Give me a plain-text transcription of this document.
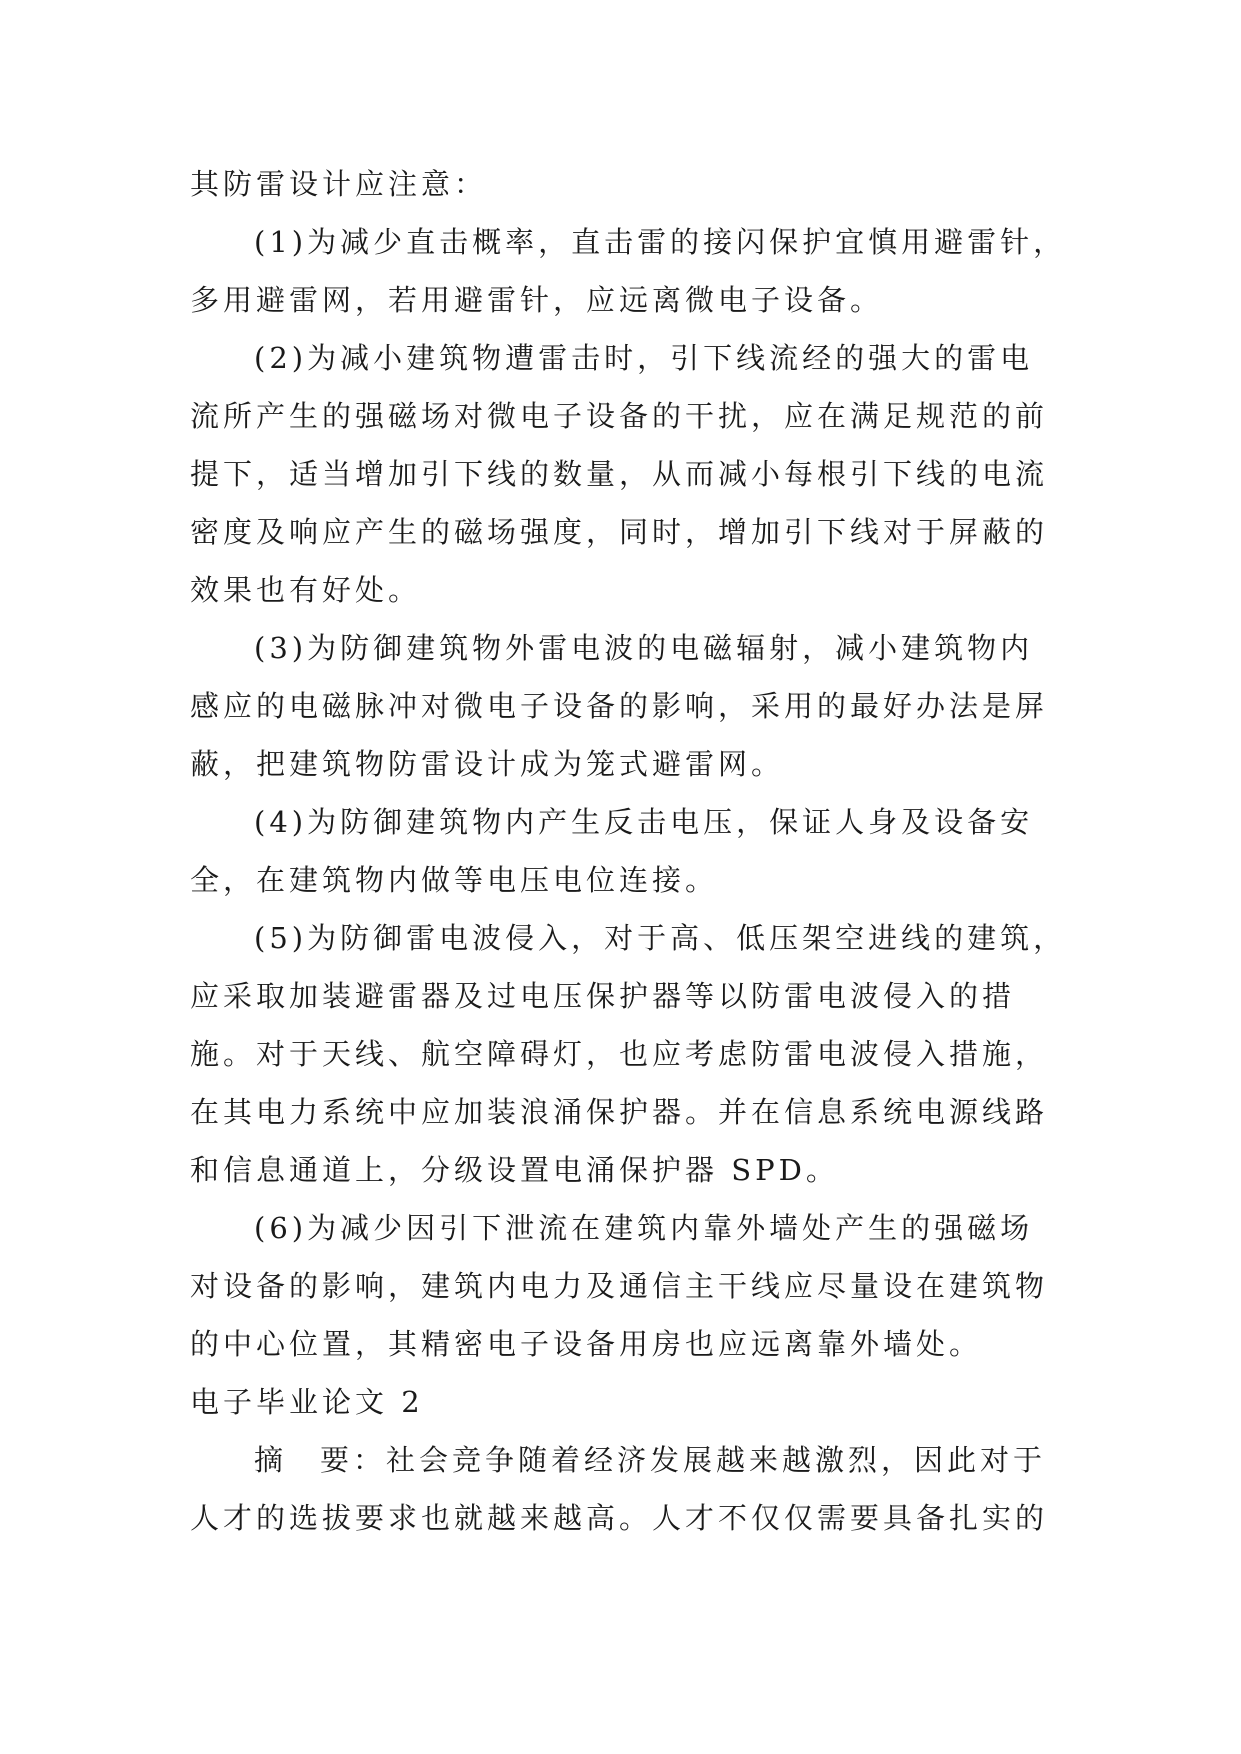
其防雷设计应注意：

(1)为减少直击概率，直击雷的接闪保护宜慎用避雷针，

多用避雷网，若用避雷针，应远离微电子设备。

(2)为减小建筑物遭雷击时，引下线流经的强大的雷电

流所产生的强磁场对微电子设备的干扰，应在满足规范的前

提下，适当增加引下线的数量，从而减小每根引下线的电流

密度及响应产生的磁场强度，同时，增加引下线对于屏蔽的

效果也有好处。

(3)为防御建筑物外雷电波的电磁辐射，减小建筑物内

感应的电磁脉冲对微电子设备的影响，采用的最好办法是屏

蔽，把建筑物防雷设计成为笼式避雷网。

(4)为防御建筑物内产生反击电压，保证人身及设备安

全，在建筑物内做等电压电位连接。

(5)为防御雷电波侵入，对于高、低压架空进线的建筑，

应采取加装避雷器及过电压保护器等以防雷电波侵入的措

施。对于天线、航空障碍灯，也应考虑防雷电波侵入措施，

在其电力系统中应加装浪涌保护器。并在信息系统电源线路

和信息通道上，分级设置电涌保护器 SPD。

(6)为减少因引下泄流在建筑内靠外墙处产生的强磁场

对设备的影响，建筑内电力及通信主干线应尽量设在建筑物

的中心位置，其精密电子设备用房也应远离靠外墙处。

电子毕业论文 2

摘　要：社会竞争随着经济发展越来越激烈，因此对于

人才的选拔要求也就越来越高。人才不仅仅需要具备扎实的
